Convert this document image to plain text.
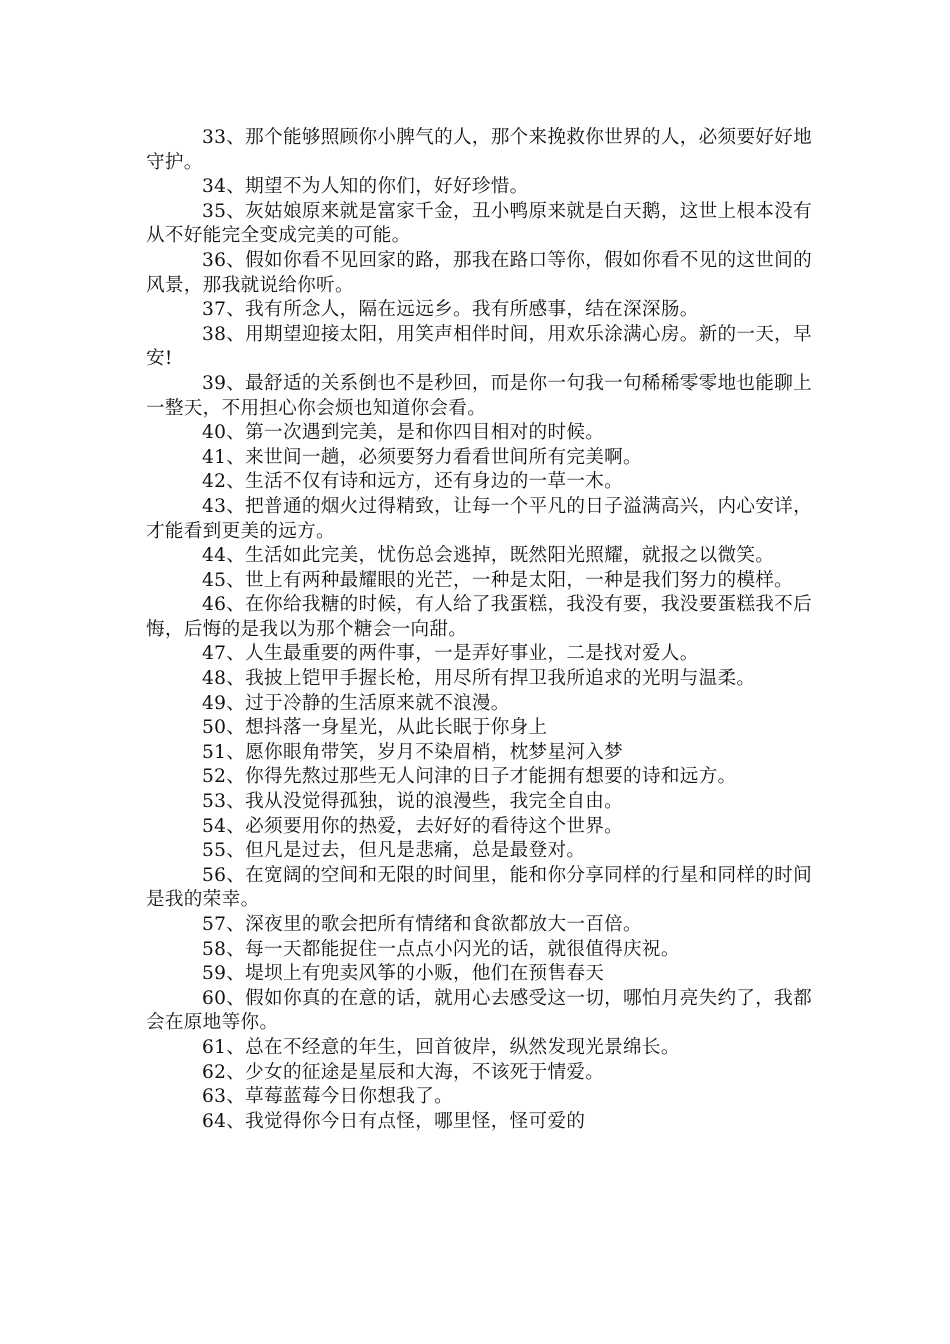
33、那个能够照顾你小脾气的人，那个来挽救你世界的人，必须要好好地守护。

34、期望不为人知的你们，好好珍惜。

35、灰姑娘原来就是富家千金，丑小鸭原来就是白天鹅，这世上根本没有从不好能完全变成完美的可能。

36、假如你看不见回家的路，那我在路口等你，假如你看不见的这世间的风景，那我就说给你听。

37、我有所念人，隔在远远乡。我有所感事，结在深深肠。

38、用期望迎接太阳，用笑声相伴时间，用欢乐涂满心房。新的一天，早安!

39、最舒适的关系倒也不是秒回，而是你一句我一句稀稀零零地也能聊上一整天，不用担心你会烦也知道你会看。

40、第一次遇到完美，是和你四目相对的时候。

41、来世间一趟，必须要努力看看世间所有完美啊。

42、生活不仅有诗和远方，还有身边的一草一木。

43、把普通的烟火过得精致，让每一个平凡的日子溢满高兴，内心安详，才能看到更美的远方。

44、生活如此完美，忧伤总会逃掉，既然阳光照耀，就报之以微笑。

45、世上有两种最耀眼的光芒，一种是太阳，一种是我们努力的模样。

46、在你给我糖的时候，有人给了我蛋糕，我没有要，我没要蛋糕我不后悔，后悔的是我以为那个糖会一向甜。

47、人生最重要的两件事，一是弄好事业，二是找对爱人。

48、我披上铠甲手握长枪，用尽所有捍卫我所追求的光明与温柔。

49、过于冷静的生活原来就不浪漫。

50、想抖落一身星光，从此长眠于你身上

51、愿你眼角带笑，岁月不染眉梢，枕梦星河入梦

52、你得先熬过那些无人问津的日子才能拥有想要的诗和远方。

53、我从没觉得孤独，说的浪漫些，我完全自由。

54、必须要用你的热爱，去好好的看待这个世界。

55、但凡是过去，但凡是悲痛，总是最登对。

56、在宽阔的空间和无限的时间里，能和你分享同样的行星和同样的时间是我的荣幸。

57、深夜里的歌会把所有情绪和食欲都放大一百倍。

58、每一天都能捉住一点点小闪光的话，就很值得庆祝。

59、堤坝上有兜卖风筝的小贩，他们在预售春天

60、假如你真的在意的话，就用心去感受这一切，哪怕月亮失约了，我都会在原地等你。

61、总在不经意的年生，回首彼岸，纵然发现光景绵长。

62、少女的征途是星辰和大海，不该死于情爱。

63、草莓蓝莓今日你想我了。

64、我觉得你今日有点怪，哪里怪，怪可爱的
